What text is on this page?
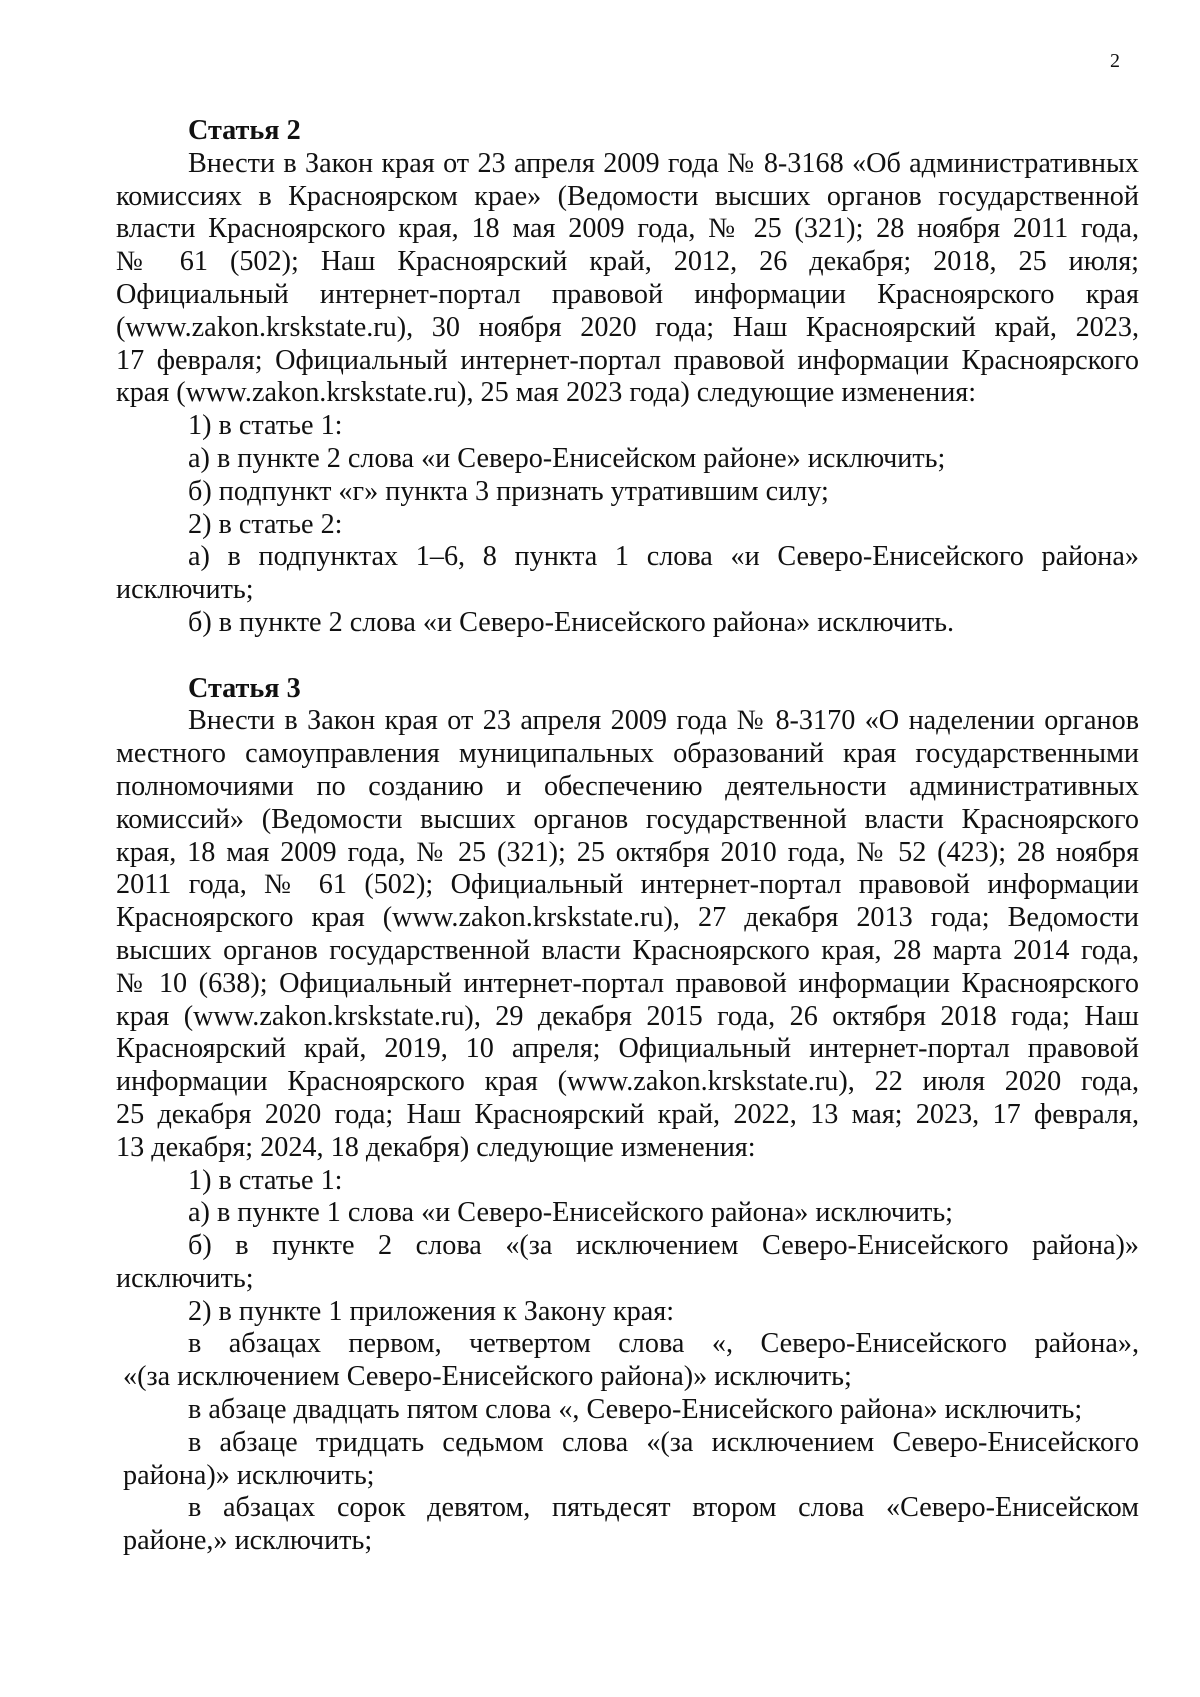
2
Статья 2
Внести в Закон края от 23 апреля 2009 года № 8-3168 «Об административных
комиссиях в Красноярском крае» (Ведомости высших органов государственной
власти Красноярского края, 18 мая 2009 года, № 25 (321); 28 ноября 2011 года,
№ 61 (502); Наш Красноярский край, 2012, 26 декабря; 2018, 25 июля;
Официальный интернет-портал правовой информации Красноярского края
(www.zakon.krskstate.ru), 30 ноября 2020 года; Наш Красноярский край, 2023,
17 февраля; Официальный интернет-портал правовой информации Красноярского
края (www.zakon.krskstate.ru), 25 мая 2023 года) следующие изменения:
1) в статье 1:
а) в пункте 2 слова «и Северо-Енисейском районе» исключить;
б) подпункт «г» пункта 3 признать утратившим силу;
2) в статье 2:
а) в подпунктах 1–6, 8 пункта 1 слова «и Северо-Енисейского района»
исключить;
б) в пункте 2 слова «и Северо-Енисейского района» исключить.
Статья 3
Внести в Закон края от 23 апреля 2009 года № 8-3170 «О наделении органов
местного самоуправления муниципальных образований края государственными
полномочиями по созданию и обеспечению деятельности административных
комиссий» (Ведомости высших органов государственной власти Красноярского
края, 18 мая 2009 года, № 25 (321); 25 октября 2010 года, № 52 (423); 28 ноября
2011 года, № 61 (502); Официальный интернет-портал правовой информации
Красноярского края (www.zakon.krskstate.ru), 27 декабря 2013 года; Ведомости
высших органов государственной власти Красноярского края, 28 марта 2014 года,
№ 10 (638); Официальный интернет-портал правовой информации Красноярского
края (www.zakon.krskstate.ru), 29 декабря 2015 года, 26 октября 2018 года; Наш
Красноярский край, 2019, 10 апреля; Официальный интернет-портал правовой
информации Красноярского края (www.zakon.krskstate.ru), 22 июля 2020 года,
25 декабря 2020 года; Наш Красноярский край, 2022, 13 мая; 2023, 17 февраля,
13 декабря; 2024, 18 декабря) следующие изменения:
1) в статье 1:
а) в пункте 1 слова «и Северо-Енисейского района» исключить;
б) в пункте 2 слова «(за исключением Северо-Енисейского района)»
исключить;
2) в пункте 1 приложения к Закону края:
в абзацах первом, четвертом слова «, Северо-Енисейского района»,
«(за исключением Северо-Енисейского района)» исключить;
в абзаце двадцать пятом слова «, Северо-Енисейского района» исключить;
в абзаце тридцать седьмом слова «(за исключением Северо-Енисейского
района)» исключить;
в абзацах сорок девятом, пятьдесят втором слова «Северо-Енисейском
районе,» исключить;
